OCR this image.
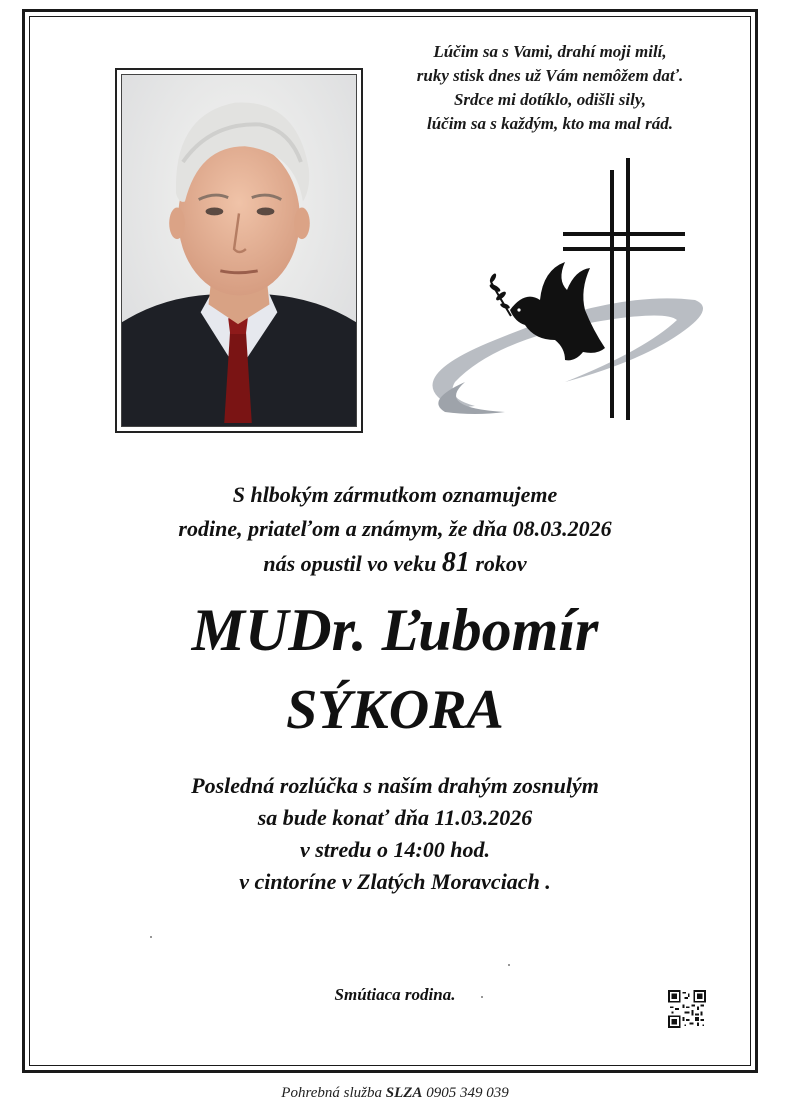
Lúčim sa s Vami, drahí moji milí,
ruky stisk dnes už Vám nemôžem dať.
Srdce mi dotíklo, odišli sily,
lúčim sa s každým, kto ma mal rád.
S hlbokým zármutkom oznamujeme
rodine, priateľom a známym, že dňa 08.03.2026
nás opustil vo veku 81 rokov
MUDr. Ľubomír
SÝKORA
Posledná rozlúčka s naším drahým zosnulým
sa bude konať dňa 11.03.2026
v stredu o 14:00 hod.
v cintoríne v Zlatých Moravciach .
Smútiaca rodina.
Pohrebná služba SLZA 0905 349 039
